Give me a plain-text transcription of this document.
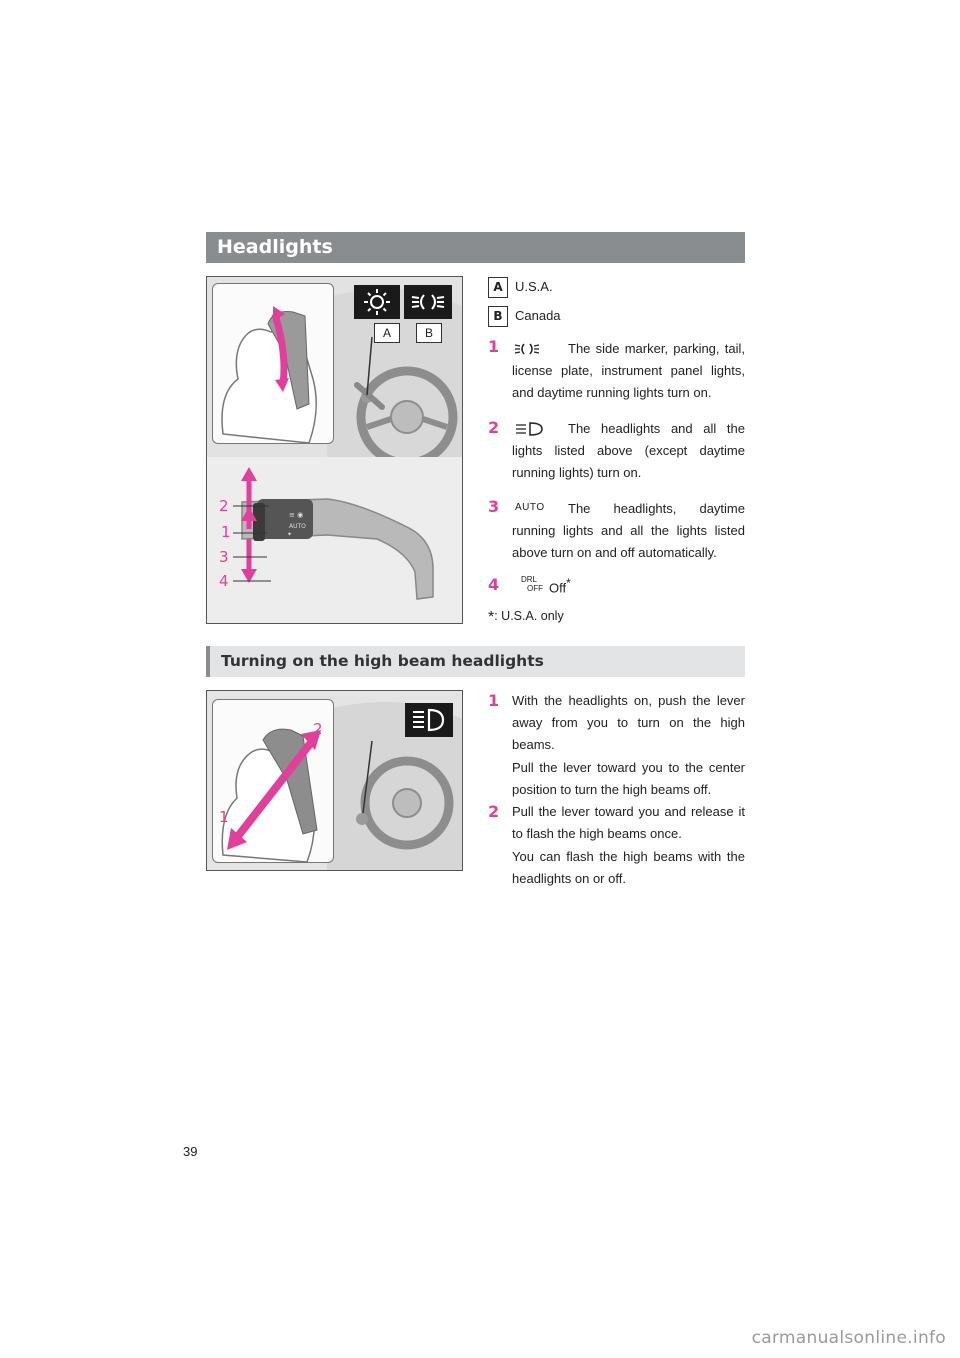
Headlights
≡ ◉
AUTO
✦
2
1
3
4
A	B
A U.S.A.
B Canada
1	The side marker, parking, tail, license plate, instrument panel lights, and daytime running lights turn on.
2	The headlights and all the lights listed above (except daytime running lights) turn on.
3 AUTO	The headlights, daytime running lights and all the lights listed above turn on and off automatically.
4	DRL
OFF Off*
*: U.S.A. only
Turning on the high beam headlights
1
2
1 With the headlights on, push the lever away from you to turn on the high beams.
Pull the lever toward you to the center position to turn the high beams off.
2 Pull the lever toward you and release it to flash the high beams once.
You can flash the high beams with the headlights on or off.
39
carmanualsonline.info
